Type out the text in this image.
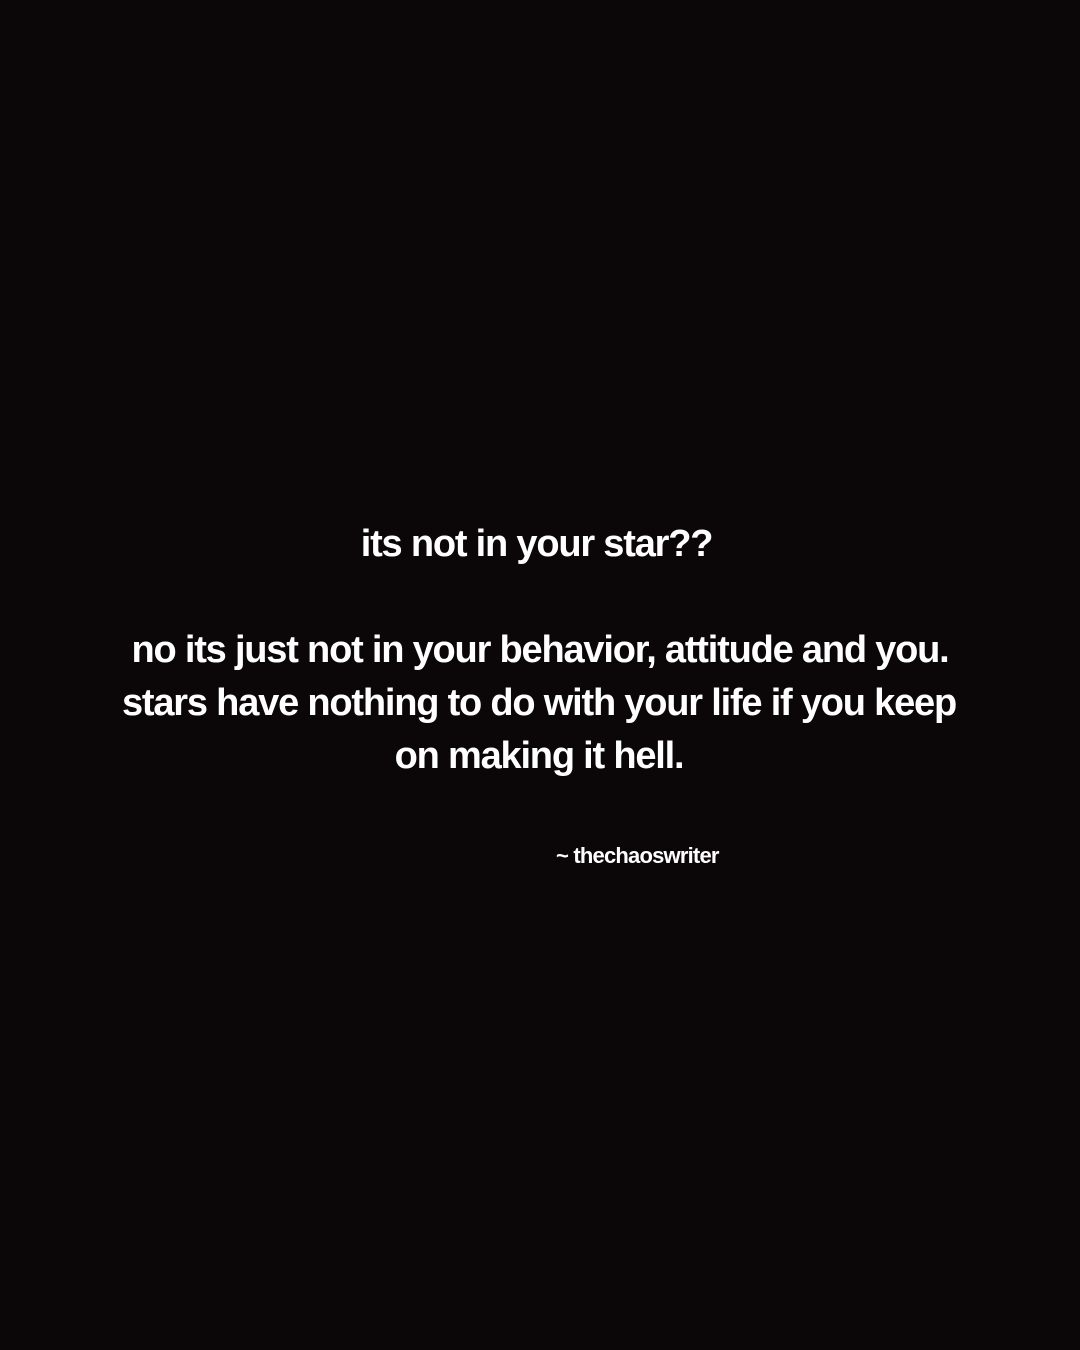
its not in your star??
no its just not in your behavior, attitude and you.
stars have nothing to do with your life if you keep
on making it hell.
~ thechaoswriter
